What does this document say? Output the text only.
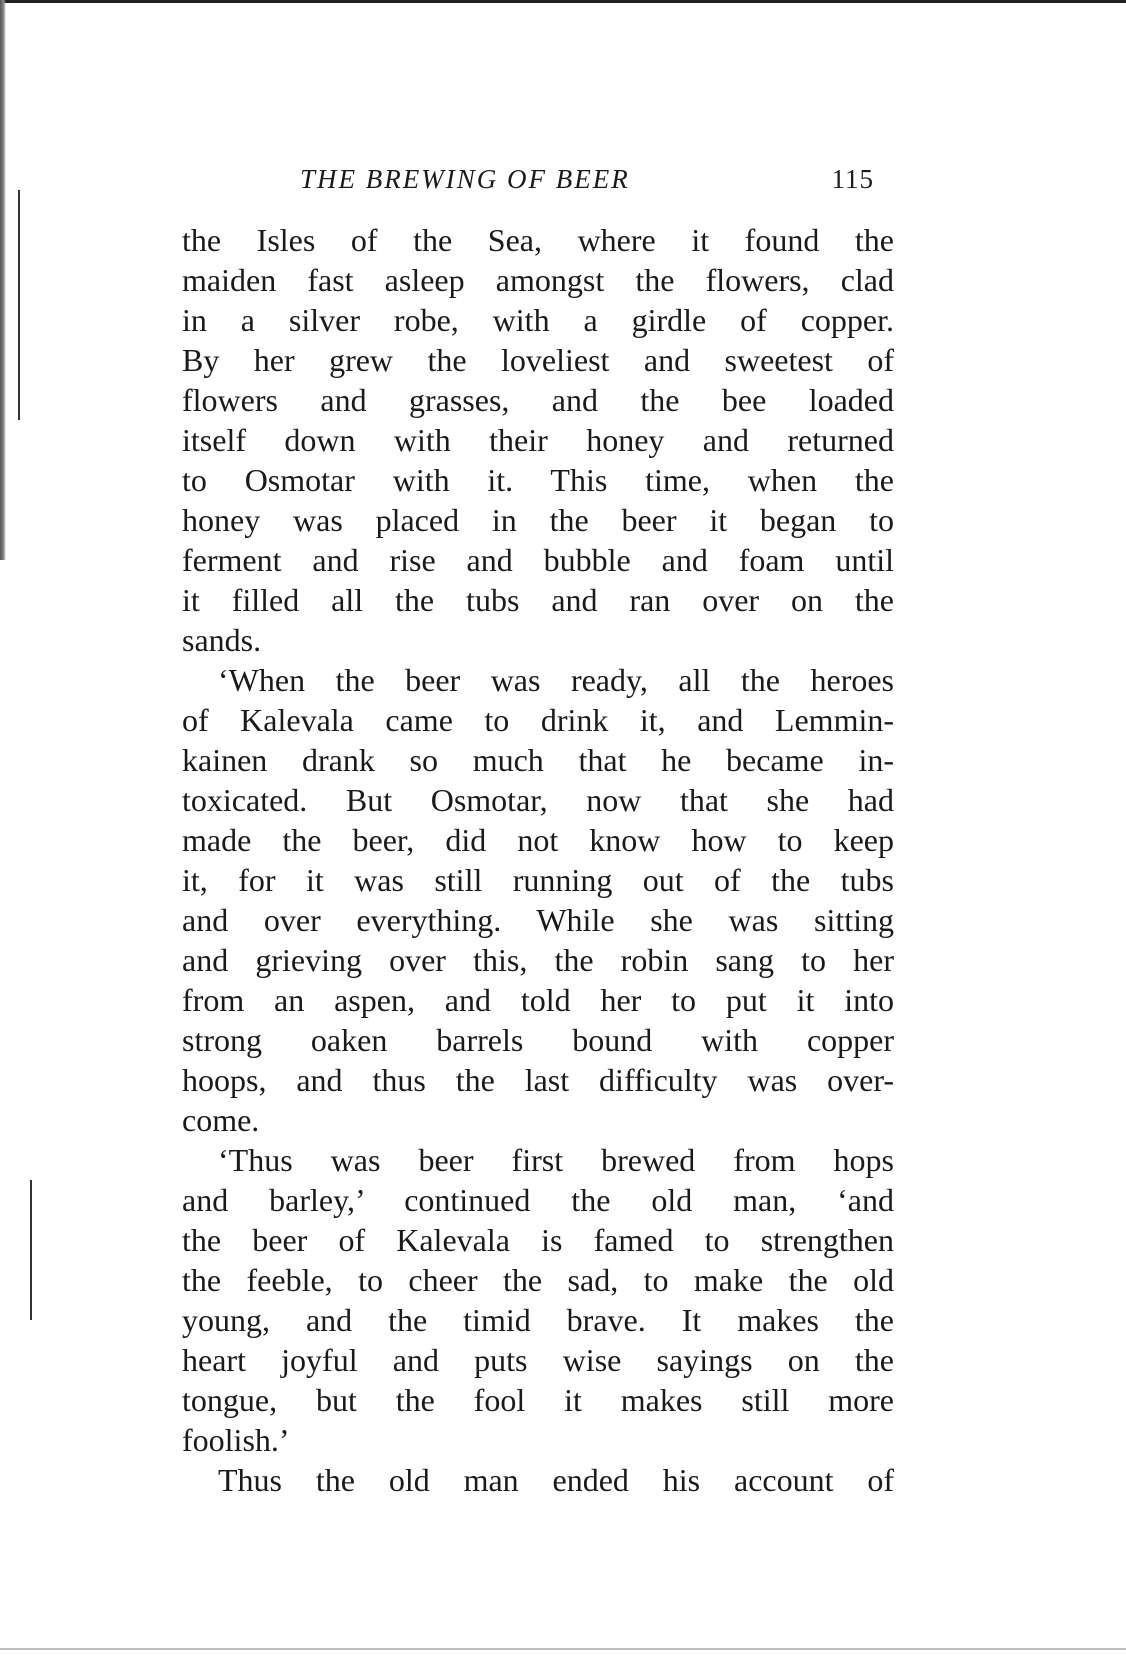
THE BREWING OF BEER	115
the Isles of the Sea, where it found the
maiden fast asleep amongst the flowers, clad
in a silver robe, with a girdle of copper.
By her grew the loveliest and sweetest of
flowers and grasses, and the bee loaded
itself down with their honey and returned
to Osmotar with it. This time, when the
honey was placed in the beer it began to
ferment and rise and bubble and foam until
it filled all the tubs and ran over on the
sands.
‘When the beer was ready, all the heroes
of Kalevala came to drink it, and Lemmin-
kainen drank so much that he became in-
toxicated. But Osmotar, now that she had
made the beer, did not know how to keep
it, for it was still running out of the tubs
and over everything. While she was sitting
and grieving over this, the robin sang to her
from an aspen, and told her to put it into
strong oaken barrels bound with copper
hoops, and thus the last difficulty was over-
come.
‘Thus was beer first brewed from hops
and barley,’ continued the old man, ‘and
the beer of Kalevala is famed to strengthen
the feeble, to cheer the sad, to make the old
young, and the timid brave. It makes the
heart joyful and puts wise sayings on the
tongue, but the fool it makes still more
foolish.’
Thus the old man ended his account of
